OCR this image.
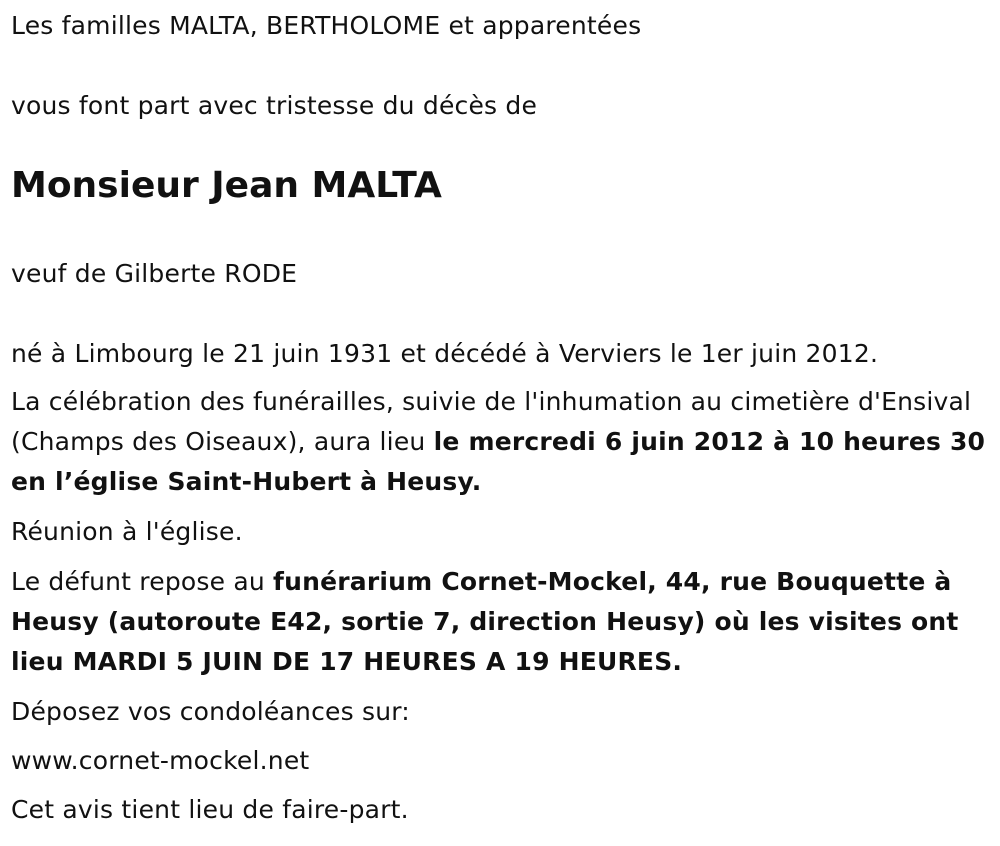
Les familles MALTA, BERTHOLOME et apparentées
vous font part avec tristesse du décès de
Monsieur Jean MALTA
veuf de Gilberte RODE
né à Limbourg le 21 juin 1931 et décédé à Verviers le 1er juin 2012.
La célébration des funérailles, suivie de l'inhumation au cimetière d'Ensival (Champs des Oiseaux), aura lieu le mercredi 6 juin 2012 à 10 heures 30 en l’église Saint-Hubert à Heusy.
Réunion à l'église.
Le défunt repose au funérarium Cornet-Mockel, 44, rue Bouquette à Heusy (autoroute E42, sortie 7, direction Heusy) où les visites ont lieu MARDI 5 JUIN DE 17 HEURES A 19 HEURES.
Déposez vos condoléances sur:
www.cornet-mockel.net
Cet avis tient lieu de faire-part.
